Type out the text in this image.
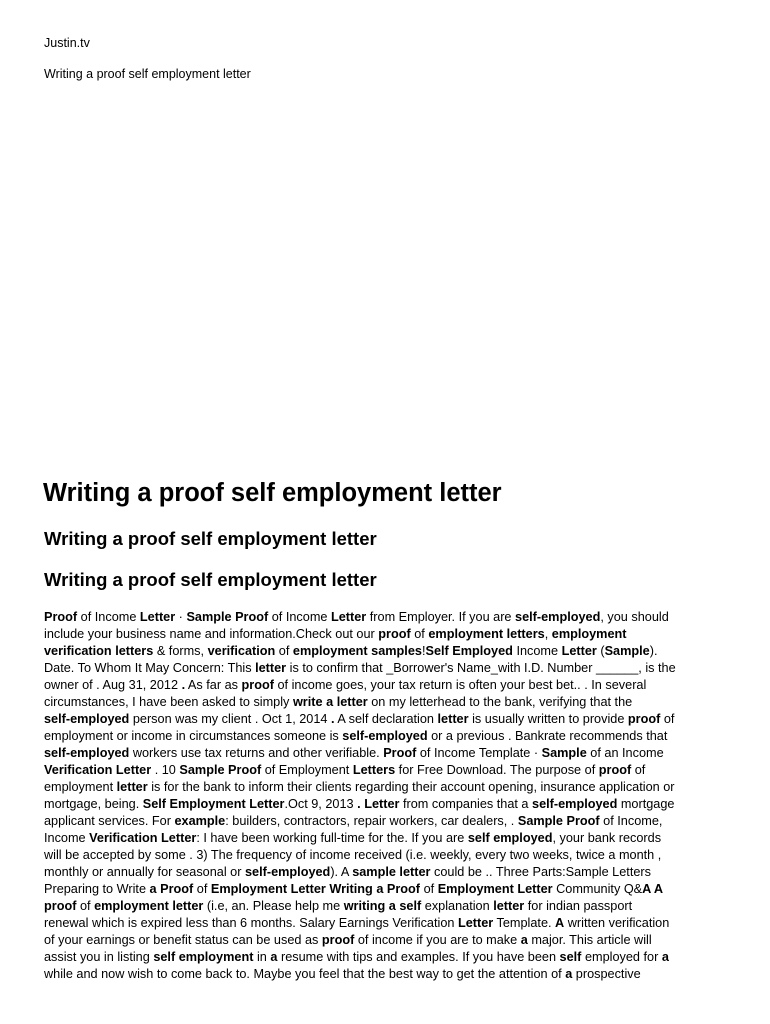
Justin.tv
Writing a proof self employment letter
Writing a proof self employment letter
Writing a proof self employment letter
Writing a proof self employment letter
Proof of Income Letter · Sample Proof of Income Letter from Employer. If you are self-employed, you should
include your business name and information.Check out our proof of employment letters, employment
verification letters & forms, verification of employment samples!Self Employed Income Letter (Sample).
Date. To Whom It May Concern: This letter is to confirm that _Borrower's Name_with I.D. Number ______, is the
owner of . Aug 31, 2012 . As far as proof of income goes, your tax return is often your best bet.. . In several
circumstances, I have been asked to simply write a letter on my letterhead to the bank, verifying that the
self-employed person was my client . Oct 1, 2014 . A self declaration letter is usually written to provide proof of
employment or income in circumstances someone is self-employed or a previous . Bankrate recommends that
self-employed workers use tax returns and other verifiable. Proof of Income Template · Sample of an Income
Verification Letter . 10 Sample Proof of Employment Letters for Free Download. The purpose of proof of
employment letter is for the bank to inform their clients regarding their account opening, insurance application or
mortgage, being. Self Employment Letter.Oct 9, 2013 . Letter from companies that a self-employed mortgage
applicant services. For example: builders, contractors, repair workers, car dealers, . Sample Proof of Income,
Income Verification Letter: I have been working full-time for the. If you are self employed, your bank records
will be accepted by some . 3) The frequency of income received (i.e. weekly, every two weeks, twice a month ,
monthly or annually for seasonal or self-employed). A sample letter could be .. Three Parts:Sample Letters
Preparing to Write a Proof of Employment Letter Writing a Proof of Employment Letter Community Q&A A
proof of employment letter (i.e, an. Please help me writing a self explanation letter for indian passport
renewal which is expired less than 6 months. Salary Earnings Verification Letter Template. A written verification
of your earnings or benefit status can be used as proof of income if you are to make a major. This article will
assist you in listing self employment in a resume with tips and examples. If you have been self employed for a
while and now wish to come back to. Maybe you feel that the best way to get the attention of a prospective
